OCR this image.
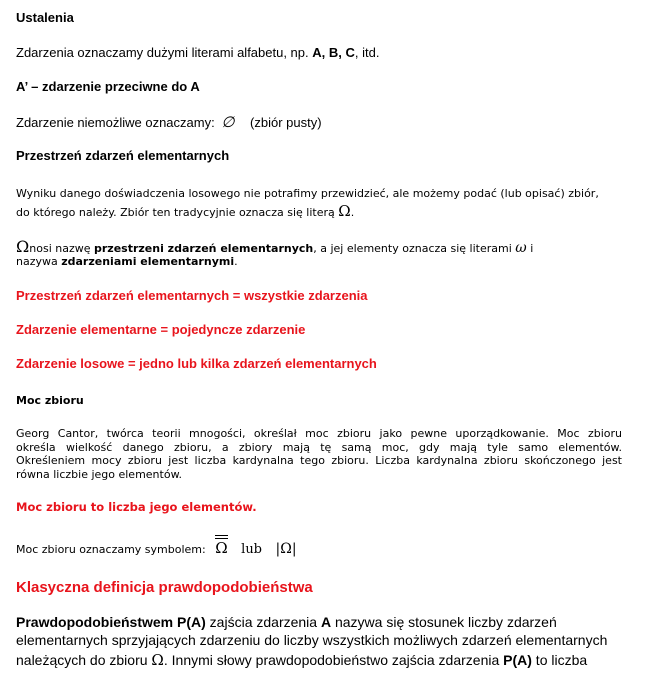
Ustalenia
Zdarzenia oznaczamy dużymi literami alfabetu, np. A, B, C, itd.
A’ – zdarzenie przeciwne do A
Zdarzenie niemożliwe oznaczamy: ∅ (zbiór pusty)
Przestrzeń zdarzeń elementarnych
Wyniku danego doświadczenia losowego nie potrafimy przewidzieć, ale możemy podać (lub opisać) zbiór,
do którego należy. Zbiór ten tradycyjnie oznacza się literą Ω.
Ωnosi nazwę przestrzeni zdarzeń elementarnych, a jej elementy oznacza się literami ω i
nazywa zdarzeniami elementarnymi.
Przestrzeń zdarzeń elementarnych = wszystkie zdarzenia
Zdarzenie elementarne = pojedyncze zdarzenie
Zdarzenie losowe = jedno lub kilka zdarzeń elementarnych
Moc zbioru
Georg Cantor, twórca teorii mnogości, określał moc zbioru jako pewne uporządkowanie. Moc zbioru
określa wielkość danego zbioru, a zbiory mają tę samą moc, gdy mają tyle samo elementów.
Określeniem mocy zbioru jest liczba kardynalna tego zbioru. Liczba kardynalna zbioru skończonego jest
równa liczbie jego elementów.
Moc zbioru to liczba jego elementów.
Moc zbioru oznaczamy symbolem: Ω lub |Ω|
Klasyczna definicja prawdopodobieństwa
Prawdopodobieństwem P(A) zajścia zdarzenia A nazywa się stosunek liczby zdarzeń
elementarnych sprzyjających zdarzeniu do liczby wszystkich możliwych zdarzeń elementarnych
należących do zbioru Ω. Innymi słowy prawdopodobieństwo zajścia zdarzenia P(A) to liczba
